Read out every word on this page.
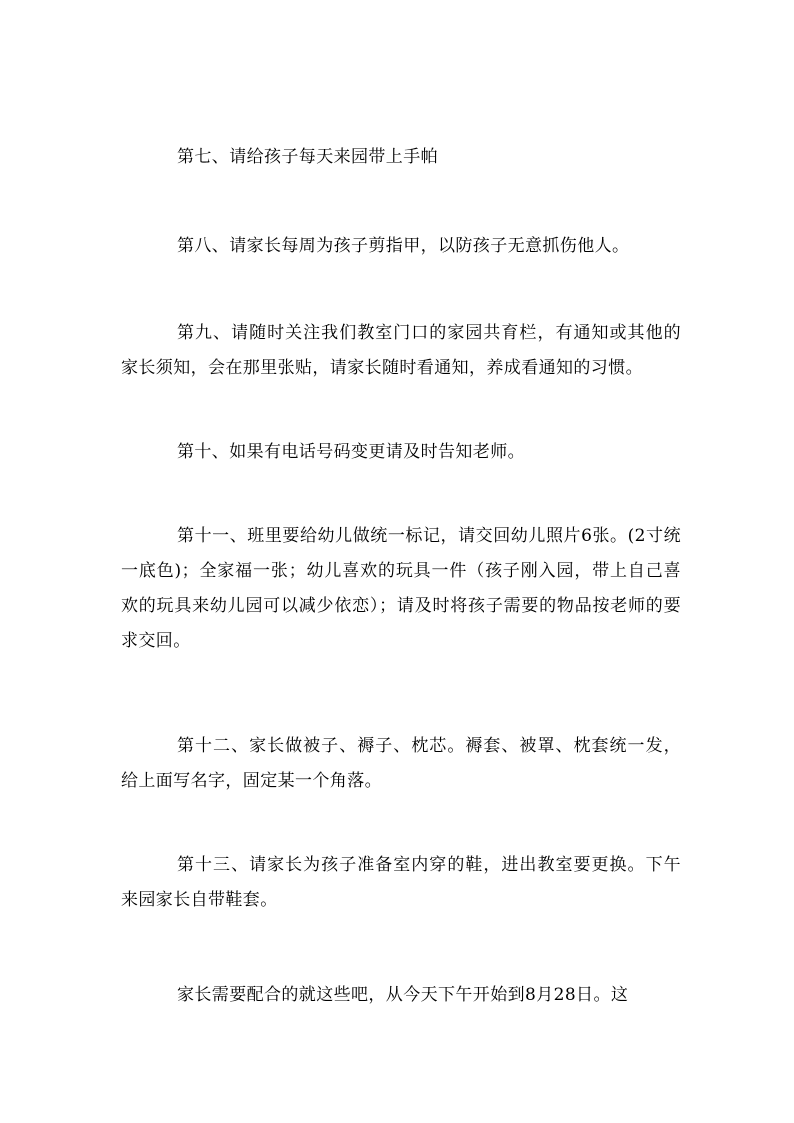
第七、请给孩子每天来园带上手帕

第八、请家长每周为孩子剪指甲，以防孩子无意抓伤他人。

第九、请随时关注我们教室门口的家园共育栏，有通知或其他的家长须知，会在那里张贴，请家长随时看通知，养成看通知的习惯。

第十、如果有电话号码变更请及时告知老师。

第十一、班里要给幼儿做统一标记，请交回幼儿照片6张。(2寸统一底色)；全家福一张；幼儿喜欢的玩具一件（孩子刚入园，带上自己喜欢的玩具来幼儿园可以减少依恋）；请及时将孩子需要的物品按老师的要求交回。

第十二、家长做被子、褥子、枕芯。褥套、被罩、枕套统一发，给上面写名字，固定某一个角落。

第十三、请家长为孩子准备室内穿的鞋，进出教室要更换。下午来园家长自带鞋套。

家长需要配合的就这些吧，从今天下午开始到8月28日。这
